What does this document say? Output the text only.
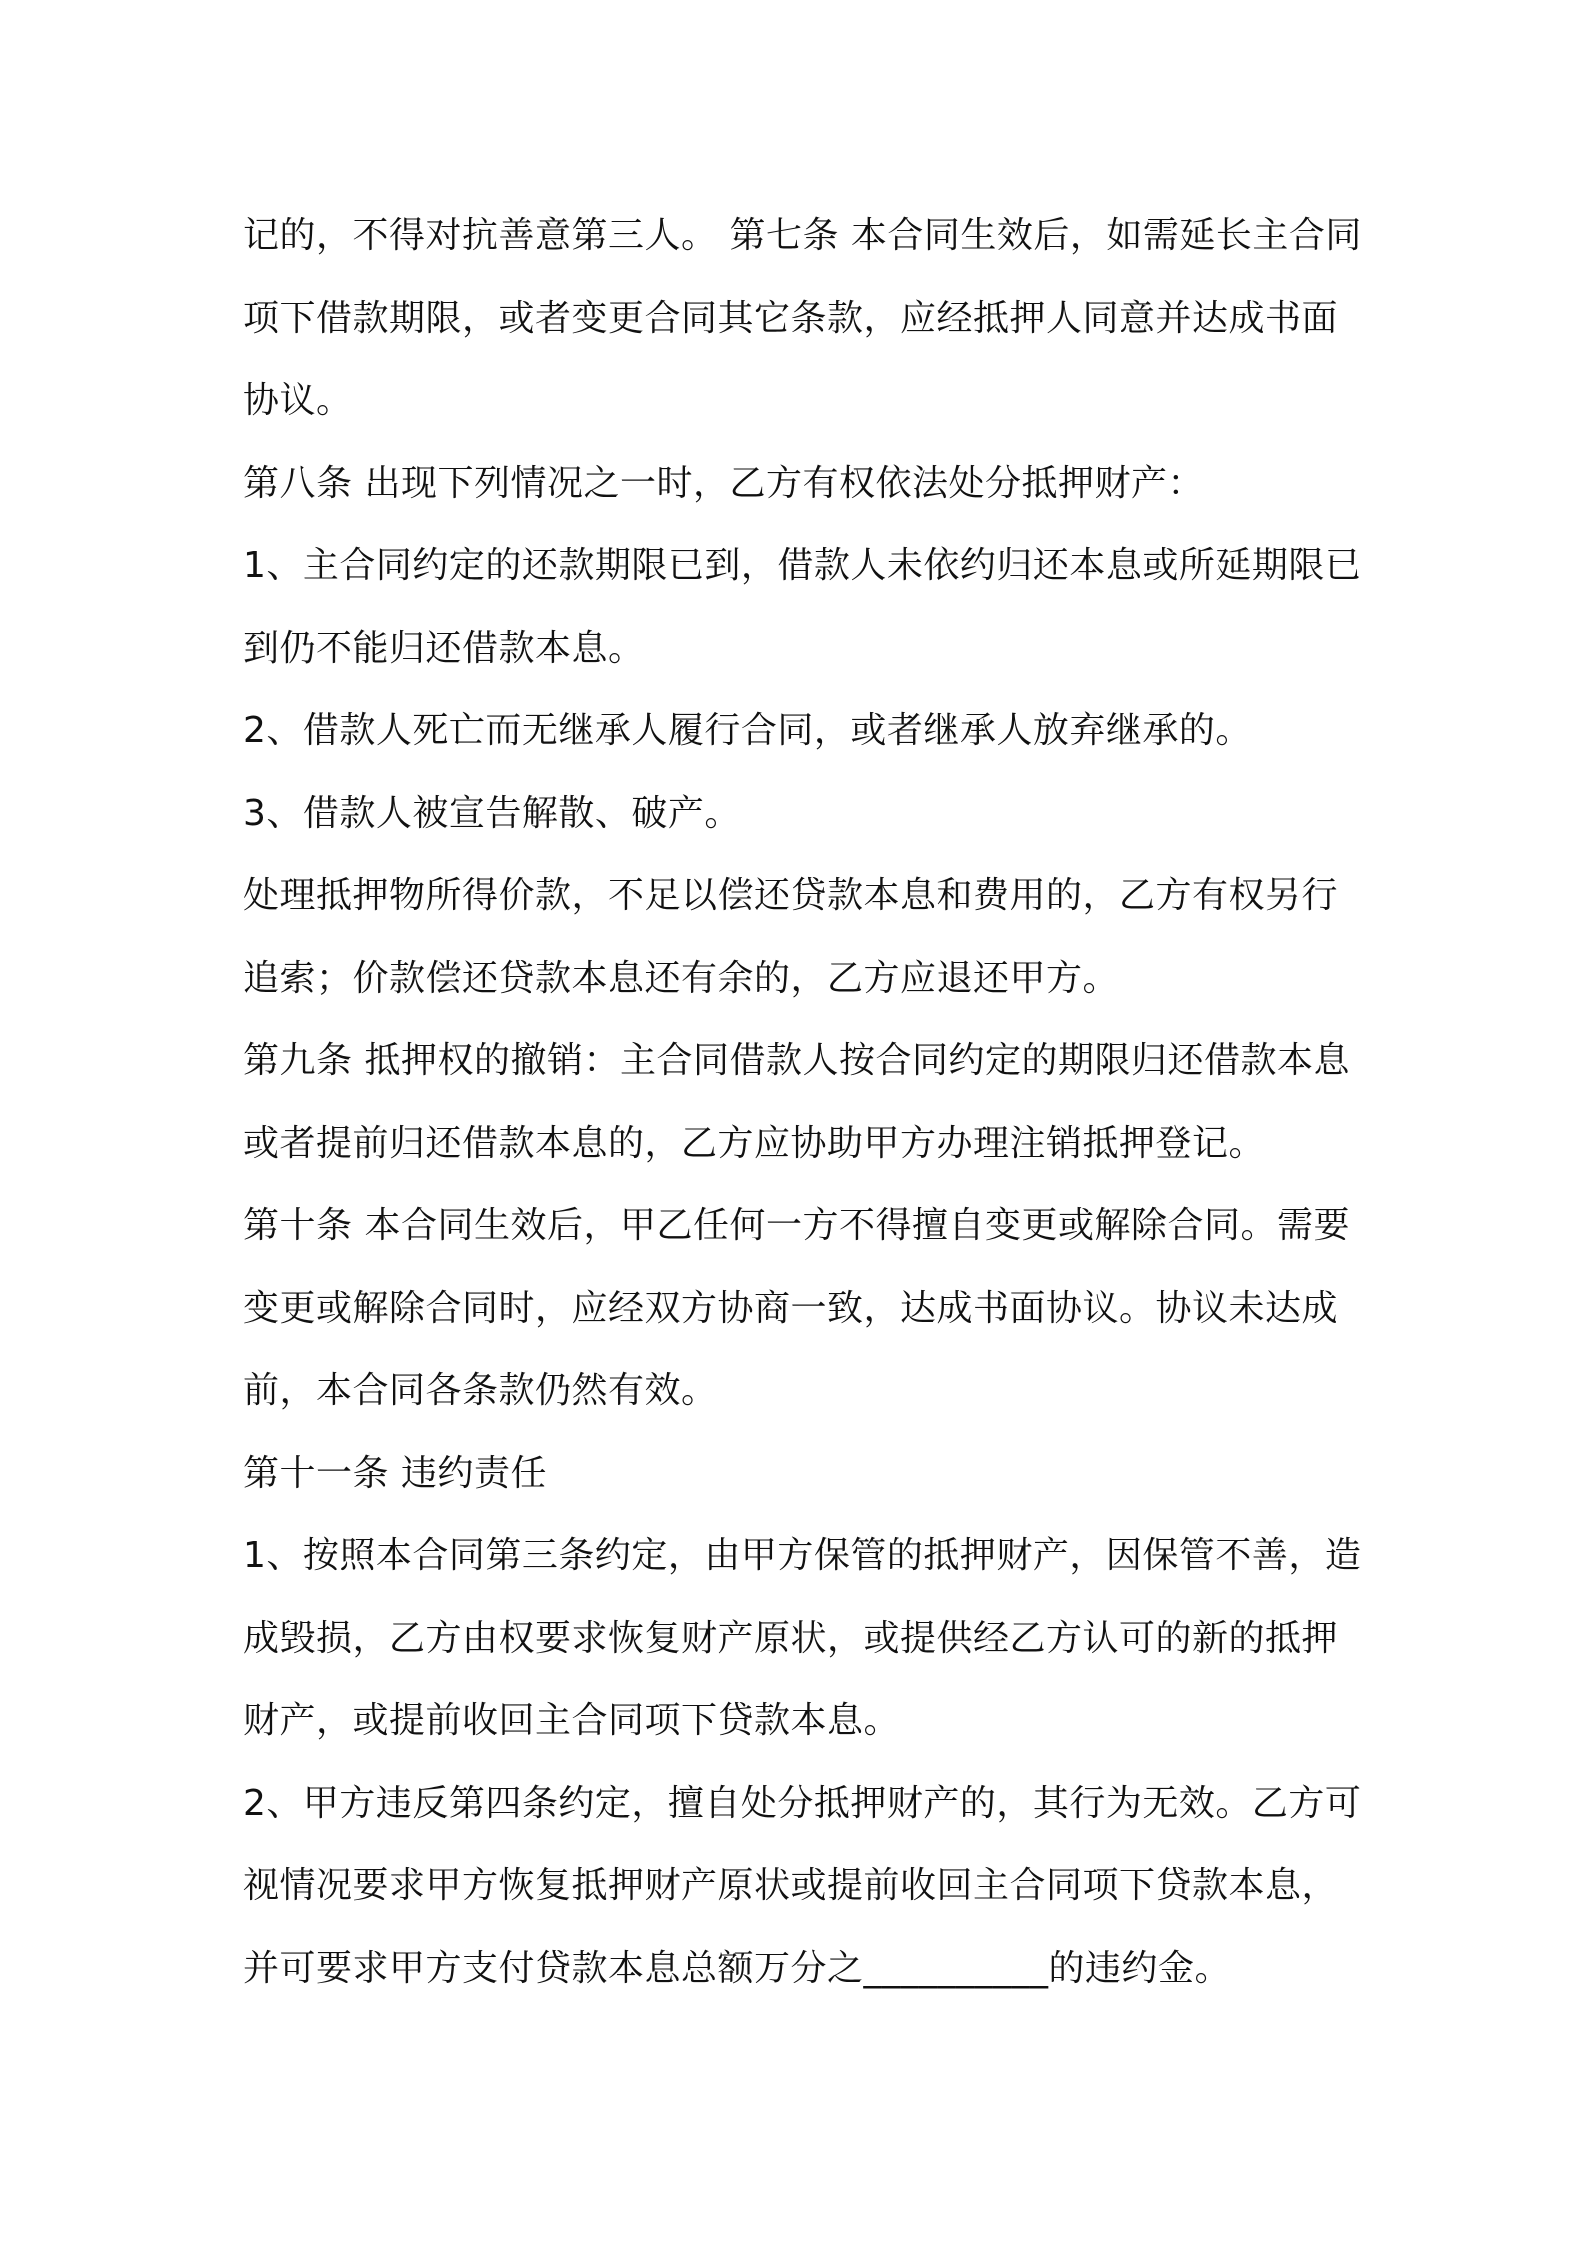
记的，不得对抗善意第三人。 第七条 本合同生效后，如需延长主合同项下借款期限，或者变更合同其它条款，应经抵押人同意并达成书面协议。

第八条 出现下列情况之一时，乙方有权依法处分抵押财产：

1、主合同约定的还款期限已到，借款人未依约归还本息或所延期限已到仍不能归还借款本息。

2、借款人死亡而无继承人履行合同，或者继承人放弃继承的。

3、借款人被宣告解散、破产。

处理抵押物所得价款，不足以偿还贷款本息和费用的，乙方有权另行追索；价款偿还贷款本息还有余的，乙方应退还甲方。

第九条 抵押权的撤销：主合同借款人按合同约定的期限归还借款本息或者提前归还借款本息的，乙方应协助甲方办理注销抵押登记。

第十条 本合同生效后，甲乙任何一方不得擅自变更或解除合同。需要变更或解除合同时，应经双方协商一致，达成书面协议。协议未达成前，本合同各条款仍然有效。

第十一条 违约责任

1、按照本合同第三条约定，由甲方保管的抵押财产，因保管不善，造成毁损，乙方由权要求恢复财产原状，或提供经乙方认可的新的抵押财产，或提前收回主合同项下贷款本息。

2、甲方违反第四条约定，擅自处分抵押财产的，其行为无效。乙方可视情况要求甲方恢复抵押财产原状或提前收回主合同项下贷款本息，并可要求甲方支付贷款本息总额万分之__________的违约金。
